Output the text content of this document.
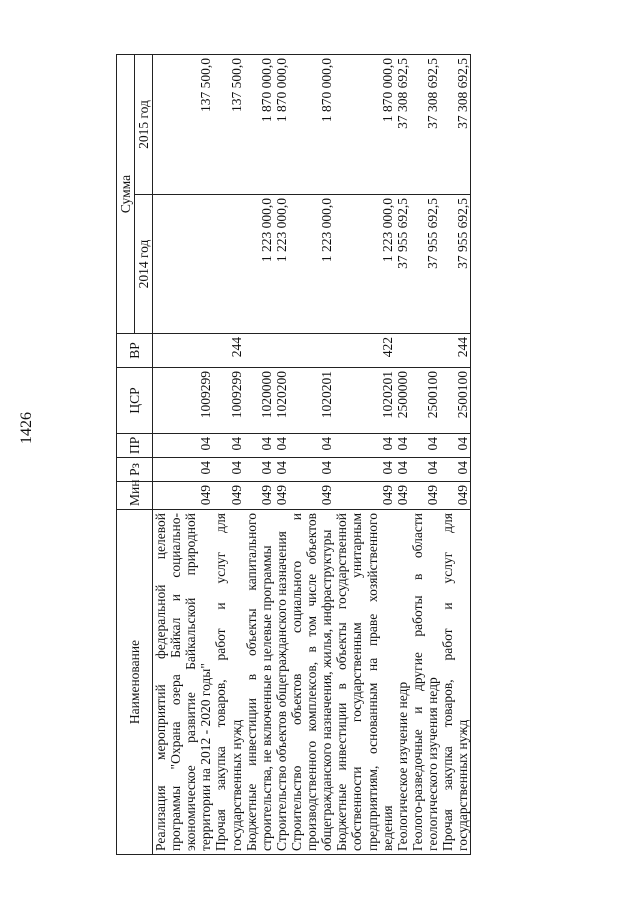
1426
Наименование	Мин	Рз	ПР	ЦСР	ВР	Сумма	
						2014 год	2015 год
Реализация мероприятий федеральной целевой программы "Охрана озера Байкал и социально-экономическое развитие Байкальской природной территории на 2012 - 2020 годы"	049	04	04	1009299			137 500,0
Прочая закупка товаров, работ и услуг для государственных нужд	049	04	04	1009299	244		137 500,0
Бюджетные инвестиции в объекты капитального строительства, не включенные в целевые программы	049	04	04	1020000		1 223 000,0	1 870 000,0
Строительство объектов общегражданского назначения	049	04	04	1020200		1 223 000,0	1 870 000,0
Строительство объектов социального и производственного комплексов, в том числе объектов общегражданского назначения, жилья, инфраструктуры	049	04	04	1020201		1 223 000,0	1 870 000,0
Бюджетные инвестиции в объекты государственной собственности государственным унитарным предприятиям, основанным на праве хозяйственного ведения	049	04	04	1020201	422	1 223 000,0	1 870 000,0
Геологическое изучение недр	049	04	04	2500000		37 955 692,5	37 308 692,5
Геолого-разведочные и другие работы в области геологического изучения недр	049	04	04	2500100		37 955 692,5	37 308 692,5
Прочая закупка товаров, работ и услуг для государственных нужд	049	04	04	2500100	244	37 955 692,5	37 308 692,5
